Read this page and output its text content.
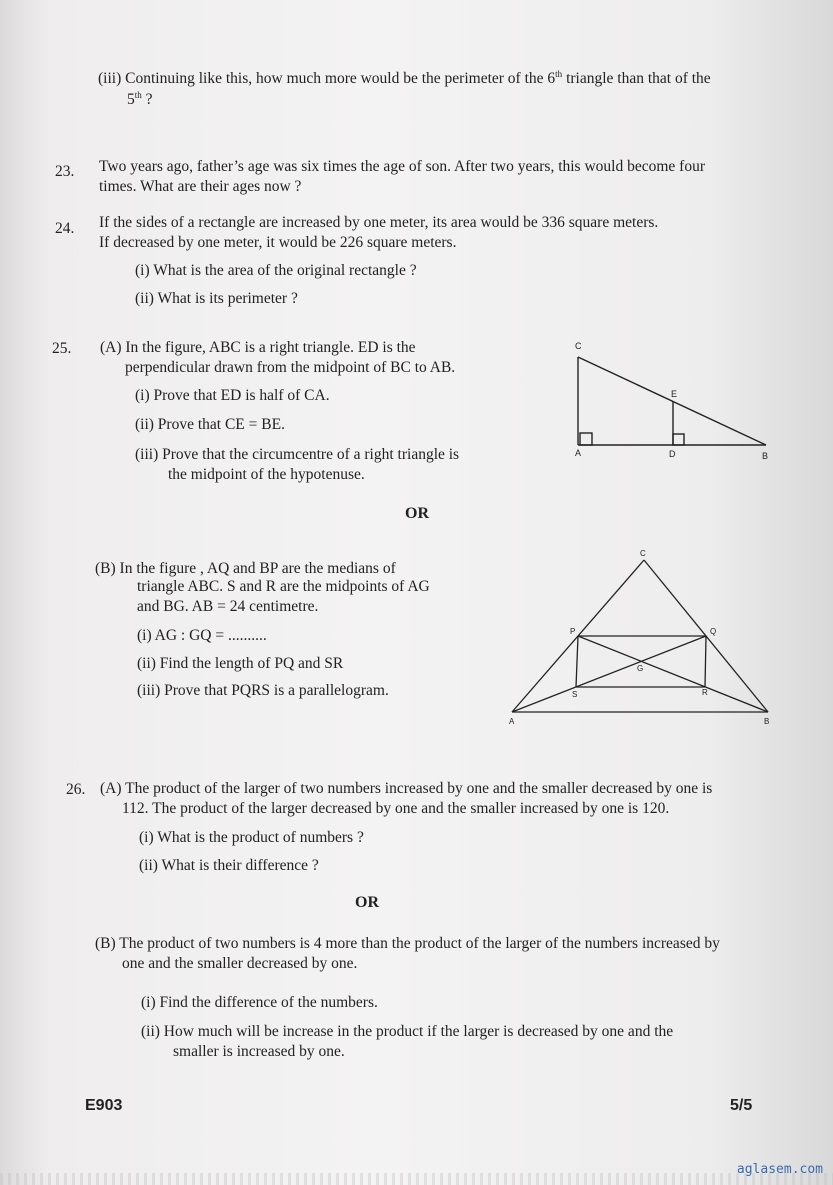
(iii) Continuing like this, how much more would be the perimeter of the 6th triangle than that of the
5th ?
23. Two years ago, father’s age was six times the age of son. After two years, this would become four
times. What are their ages now ?
24. If the sides of a rectangle are increased by one meter, its area would be 336 square meters.
If decreased by one meter, it would be 226 square meters.
(i) What is the area of the original rectangle ?
(ii) What is its perimeter ?
25. (A) In the figure, ABC is a right triangle. ED is the
perpendicular drawn from the midpoint of BC to AB.
(i) Prove that ED is half of CA.
(ii) Prove that CE = BE.
(iii) Prove that the circumcentre of a right triangle is
the midpoint of the hypotenuse.
C
E
A	D	B
OR
(B) In the figure , AQ and BP are the medians of
triangle ABC. S and R are the midpoints of AG
and BG. AB = 24 centimetre.
(i) AG : GQ = ..........
(ii) Find the length of PQ and SR
(iii) Prove that PQRS is a parallelogram.
C
P	Q
G
S	R
A	B
26. (A) The product of the larger of two numbers increased by one and the smaller decreased by one is
112. The product of the larger decreased by one and the smaller increased by one is 120.
(i) What is the product of numbers ?
(ii) What is their difference ?
OR
(B) The product of two numbers is 4 more than the product of the larger of the numbers increased by
one and the smaller decreased by one.
(i) Find the difference of the numbers.
(ii) How much will be increase in the product if the larger is decreased by one and the
smaller is increased by one.
E903	5/5
aglasem.com
